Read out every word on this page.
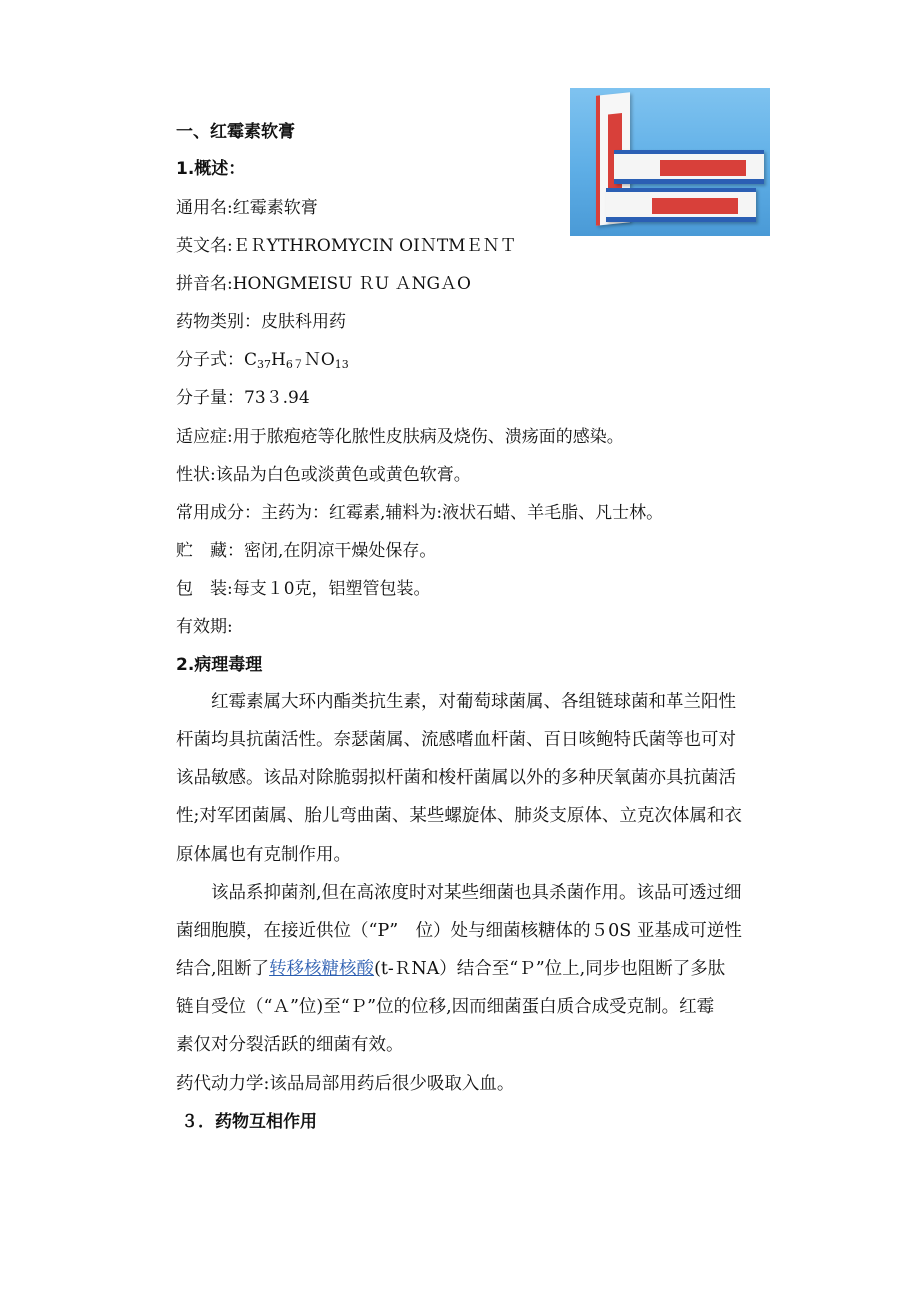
一、红霉素软膏
1.概述：
通用名:红霉素软膏
英文名:ＥＲYTHROMYCIN OIＮTMＥＮＴ
拼音名:HONGMEISU ＲU ＡNGＡO
药物类别：皮肤科用药
分子式：$C_{37}H_{67}NO_{13}$
分子量：73３.94
适应症:用于脓疱疮等化脓性皮肤病及烧伤、溃疡面的感染。
性状:该品为白色或淡黄色或黄色软膏。
常用成分：主药为：红霉素,辅料为:液状石蜡、羊毛脂、凡士林。
贮　藏：密闭,在阴凉干燥处保存。
包　装:每支１0克，铝塑管包装。
有效期:
2.病理毒理
红霉素属大环内酯类抗生素，对葡萄球菌属、各组链球菌和革兰阳性
杆菌均具抗菌活性。奈瑟菌属、流感嗜血杆菌、百日咳鲍特氏菌等也可对
该品敏感。该品对除脆弱拟杆菌和梭杆菌属以外的多种厌氧菌亦具抗菌活
性;对军团菌属、胎儿弯曲菌、某些螺旋体、肺炎支原体、立克次体属和衣
原体属也有克制作用。
该品系抑菌剂,但在高浓度时对某些细菌也具杀菌作用。该品可透过细
菌细胞膜，在接近供位（“P”　位）处与细菌核糖体的５0S 亚基成可逆性
结合,阻断了转移核糖核酸(t-ＲNA）结合至“Ｐ”位上,同步也阻断了多肽
链自受位（“Ａ”位)至“Ｐ”位的位移,因而细菌蛋白质合成受克制。红霉
素仅对分裂活跃的细菌有效。
药代动力学:该品局部用药后很少吸取入血。
３．药物互相作用
